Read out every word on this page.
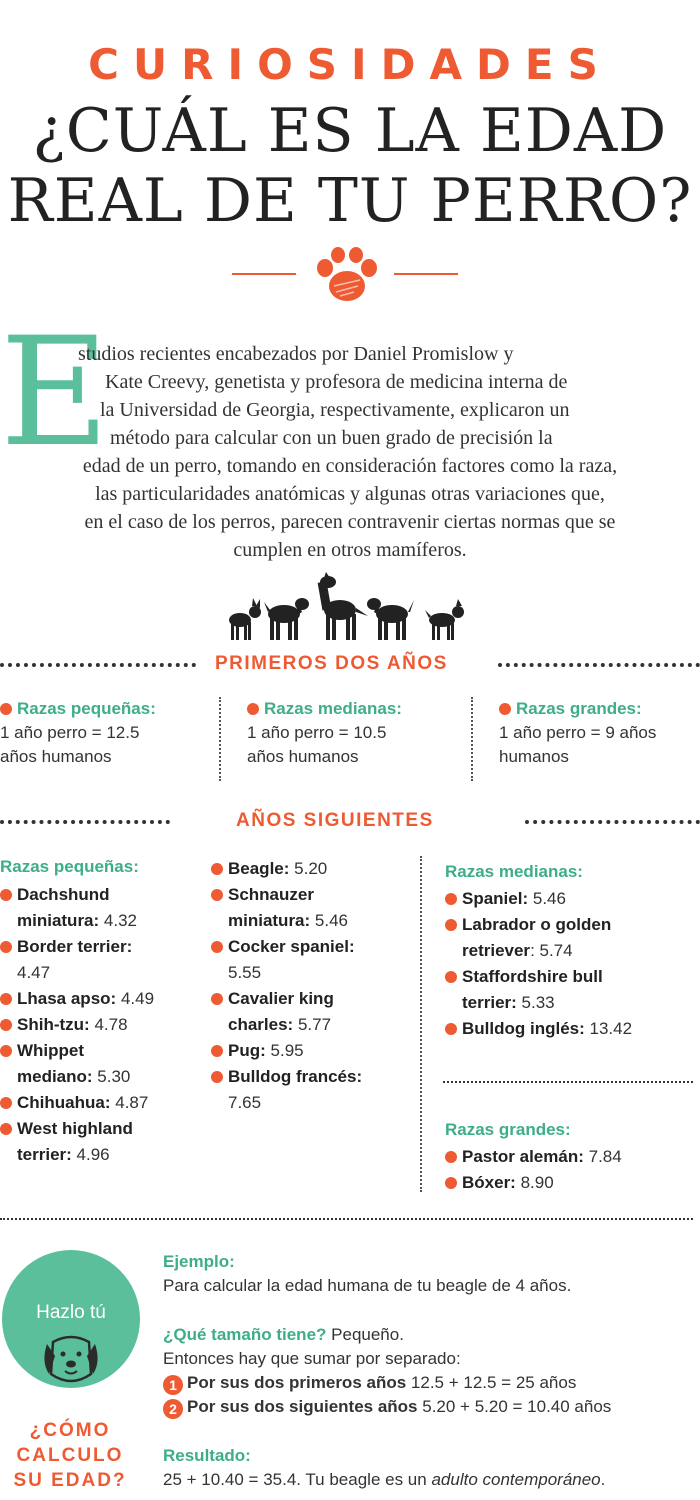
CURIOSIDADES
¿CUÁL ES LA EDAD
REAL DE TU PERRO?
E
studios recientes encabezados por Daniel Promislow y
Kate Creevy, genetista y profesora de medicina interna de
la Universidad de Georgia, respectivamente, explicaron un
método para calcular con un buen grado de precisión la
edad de un perro, tomando en consideración factores como la raza,
las particularidades anatómicas y algunas otras variaciones que,
en el caso de los perros, parecen contravenir ciertas normas que se
cumplen en otros mamíferos.
PRIMEROS DOS AÑOS
Razas pequeñas:
1 año perro = 12.5
años humanos
Razas medianas:
1 año perro = 10.5
años humanos
Razas grandes:
1 año perro = 9 años
humanos
AÑOS SIGUIENTES
Razas pequeñas:
Dachshund
miniatura: 4.32
Border terrier:
4.47
Lhasa apso: 4.49
Shih-tzu: 4.78
Whippet
mediano: 5.30
Chihuahua: 4.87
West highland
terrier: 4.96
Beagle: 5.20
Schnauzer
miniatura: 5.46
Cocker spaniel:
5.55
Cavalier king
charles: 5.77
Pug: 5.95
Bulldog francés:
7.65
Razas medianas:
Spaniel: 5.46
Labrador o golden
retriever: 5.74
Staffordshire bull
terrier: 5.33
Bulldog inglés: 13.42
Razas grandes:
Pastor alemán: 7.84
Bóxer: 8.90
Hazlo tú
¿CÓMO
CALCULO
SU EDAD?
Ejemplo:
Para calcular la edad humana de tu beagle de 4 años.
¿Qué tamaño tiene? Pequeño.
Entonces hay que sumar por separado:
1 Por sus dos primeros años 12.5 + 12.5 = 25 años
2 Por sus dos siguientes años 5.20 + 5.20 = 10.40 años
Resultado:
25 + 10.40 = 35.4. Tu beagle es un adulto contemporáneo.
